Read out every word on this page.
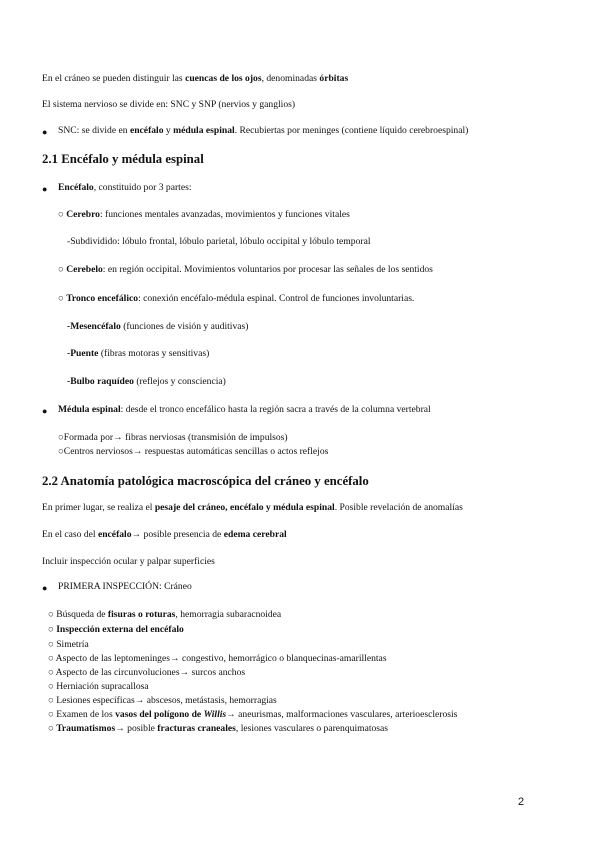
En el cráneo se pueden distinguir las cuencas de los ojos, denominadas órbitas
El sistema nervioso se divide en: SNC y SNP (nervios y ganglios)
● SNC: se divide en encéfalo y médula espinal. Recubiertas por meninges (contiene líquido cerebroespinal)
2.1 Encéfalo y médula espinal
● Encéfalo, constituido por 3 partes:
○ Cerebro: funciones mentales avanzadas, movimientos y funciones vitales
-Subdividido: lóbulo frontal, lóbulo parietal, lóbulo occipital y lóbulo temporal
○ Cerebelo: en región occipital. Movimientos voluntarios por procesar las señales de los sentidos
○ Tronco encefálico: conexión encéfalo-médula espinal. Control de funciones involuntarias.
-Mesencéfalo (funciones de visión y auditivas)
-Puente (fibras motoras y sensitivas)
-Bulbo raquídeo (reflejos y consciencia)
● Médula espinal: desde el tronco encefálico hasta la región sacra a través de la columna vertebral
○Formada por→ fibras nerviosas (transmisión de impulsos)
○Centros nerviosos→ respuestas automáticas sencillas o actos reflejos
2.2 Anatomía patológica macroscópica del cráneo y encéfalo
En primer lugar, se realiza el pesaje del cráneo, encéfalo y médula espinal. Posible revelación de anomalías
En el caso del encéfalo→ posible presencia de edema cerebral
Incluir inspección ocular y palpar superficies
● PRIMERA INSPECCIÓN: Cráneo
○ Búsqueda de fisuras o roturas, hemorragia subaracnoidea
○ Inspección externa del encéfalo
○ Simetría
○ Aspecto de las leptomeninges→ congestivo, hemorrágico o blanquecinas-amarillentas
○ Aspecto de las circunvoluciones→ surcos anchos
○ Herniación supracallosa
○ Lesiones específicas→ abscesos, metástasis, hemorragias
○ Examen de los vasos del polígono de Willis→ aneurismas, malformaciones vasculares, arterioesclerosis
○ Traumatismos→ posible fracturas craneales, lesiones vasculares o parenquimatosas
2
